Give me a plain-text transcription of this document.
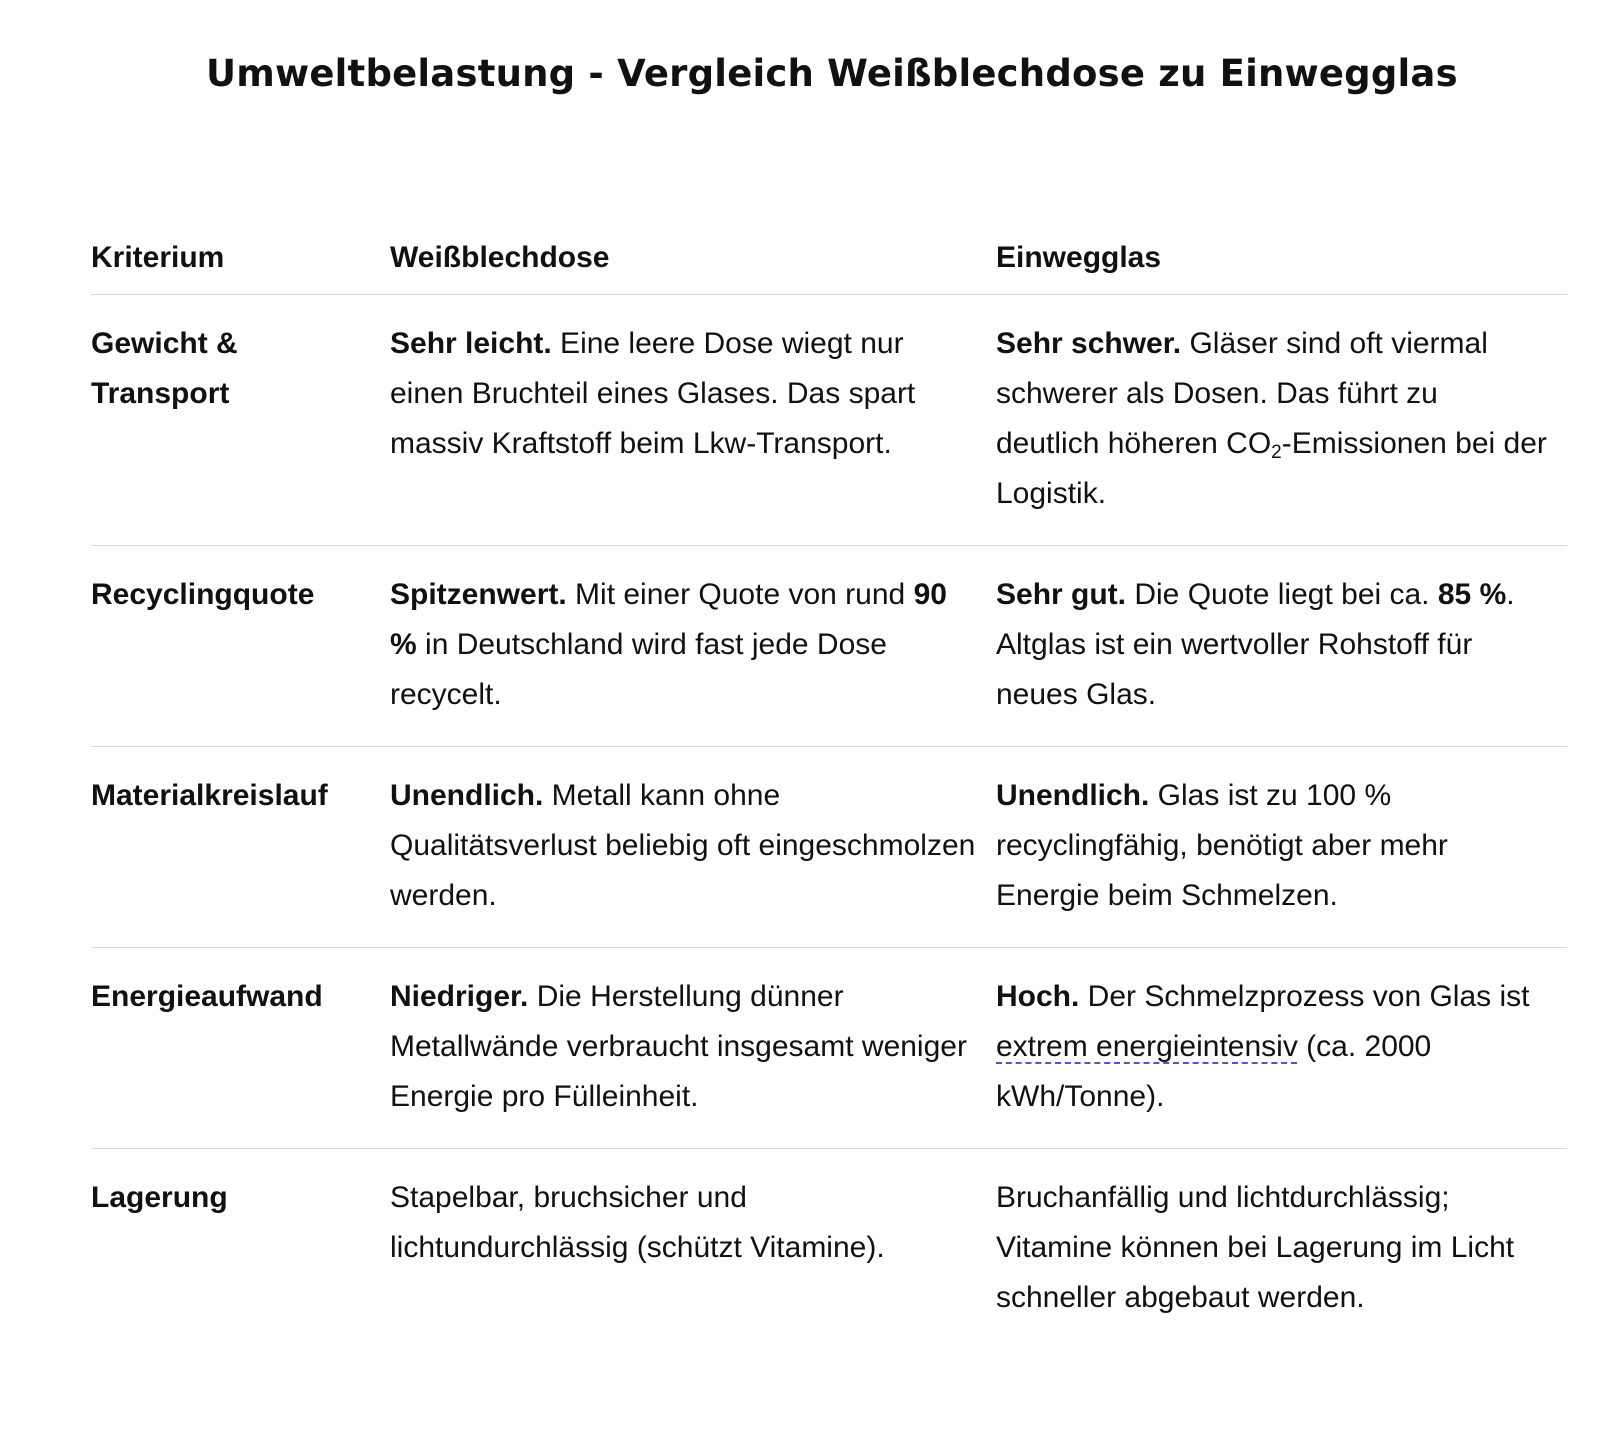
Umweltbelastung - Vergleich Weißblechdose zu Einwegglas
Kriterium	Weißblechdose	Einwegglas
Gewicht & Transport	Sehr leicht. Eine leere Dose wiegt nur einen Bruchteil eines Glases. Das spart massiv Kraftstoff beim Lkw-Transport.	Sehr schwer. Gläser sind oft viermal schwerer als Dosen. Das führt zu deutlich höheren $CO_2$-Emissionen bei der Logistik.
Recyclingquote	Spitzenwert. Mit einer Quote von rund 90 % in Deutschland wird fast jede Dose recycelt.	Sehr gut. Die Quote liegt bei ca. 85 %. Altglas ist ein wertvoller Rohstoff für neues Glas.
Materialkreislauf	Unendlich. Metall kann ohne Qualitätsverlust beliebig oft eingeschmolzen werden.	Unendlich. Glas ist zu 100 % recyclingfähig, benötigt aber mehr Energie beim Schmelzen.
Energieaufwand	Niedriger. Die Herstellung dünner Metallwände verbraucht insgesamt weniger Energie pro Fülleinheit.	Hoch. Der Schmelzprozess von Glas ist extrem energieintensiv (ca. 2000 kWh/Tonne).
Lagerung	Stapelbar, bruchsicher und lichtundurchlässig (schützt Vitamine).	Bruchanfällig und lichtdurchlässig; Vitamine können bei Lagerung im Licht schneller abgebaut werden.
